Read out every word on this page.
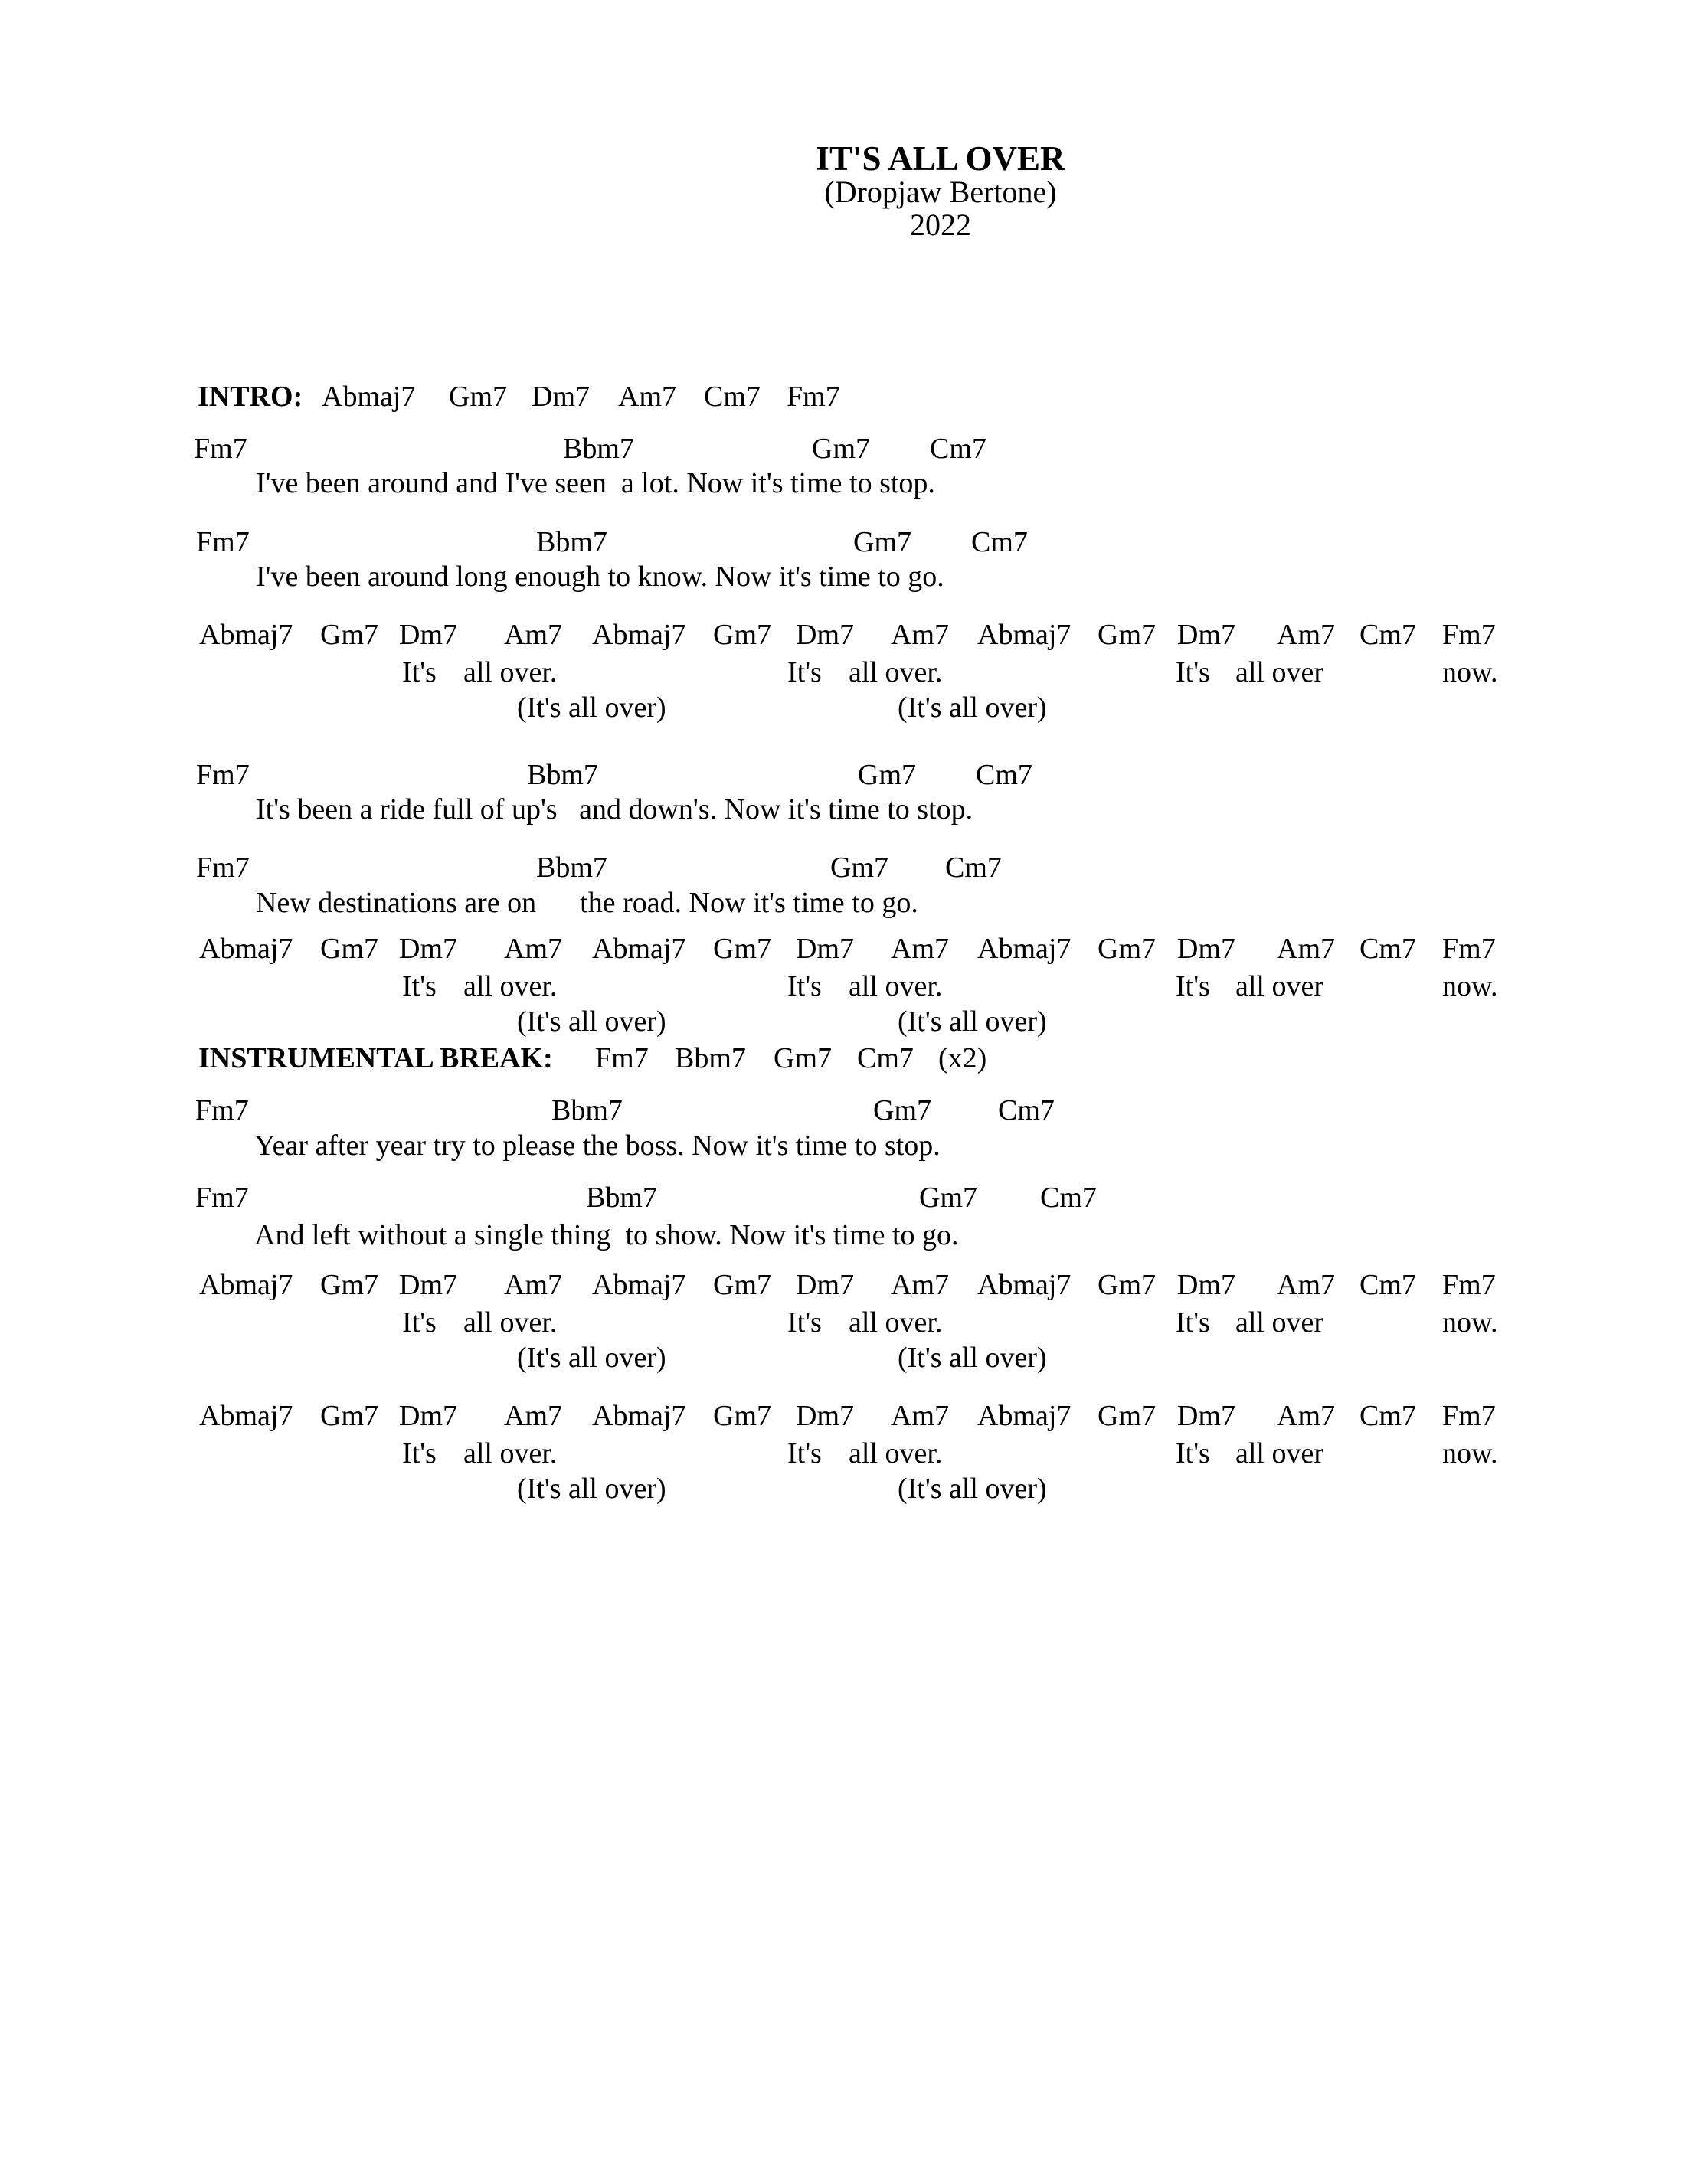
IT'S ALL OVER
(Dropjaw Bertone)
2022
INTRO: Abmaj7 Gm7 Dm7 Am7 Cm7 Fm7
Fm7	Bbm7	Gm7 Cm7
I've been around and I've seen  a lot. Now it's time to stop.
Fm7	Bbm7	Gm7 Cm7
I've been around long enough to know. Now it's time to go.
Abmaj7 Gm7 Dm7 Am7 Abmaj7 Gm7 Dm7 Am7 Abmaj7 Gm7 Dm7 Am7 Cm7 Fm7
It's all over.	It's all over.	It's all over	now.
(It's all over)	(It's all over)
Fm7	Bbm7	Gm7 Cm7
It's been a ride full of up's   and down's. Now it's time to stop.
Fm7	Bbm7	Gm7 Cm7
New destinations are on      the road. Now it's time to go.
Abmaj7 Gm7 Dm7 Am7 Abmaj7 Gm7 Dm7 Am7 Abmaj7 Gm7 Dm7 Am7 Cm7 Fm7
It's all over.	It's all over.	It's all over	now.
(It's all over)	(It's all over)
INSTRUMENTAL BREAK: Fm7 Bbm7 Gm7 Cm7 (x2)
Fm7	Bbm7	Gm7 Cm7
Year after year try to please the boss. Now it's time to stop.
Fm7	Bbm7	Gm7 Cm7
And left without a single thing  to show. Now it's time to go.
Abmaj7 Gm7 Dm7 Am7 Abmaj7 Gm7 Dm7 Am7 Abmaj7 Gm7 Dm7 Am7 Cm7 Fm7
It's all over.	It's all over.	It's all over	now.
(It's all over)	(It's all over)
Abmaj7 Gm7 Dm7 Am7 Abmaj7 Gm7 Dm7 Am7 Abmaj7 Gm7 Dm7 Am7 Cm7 Fm7
It's all over.	It's all over.	It's all over	now.
(It's all over)	(It's all over)
